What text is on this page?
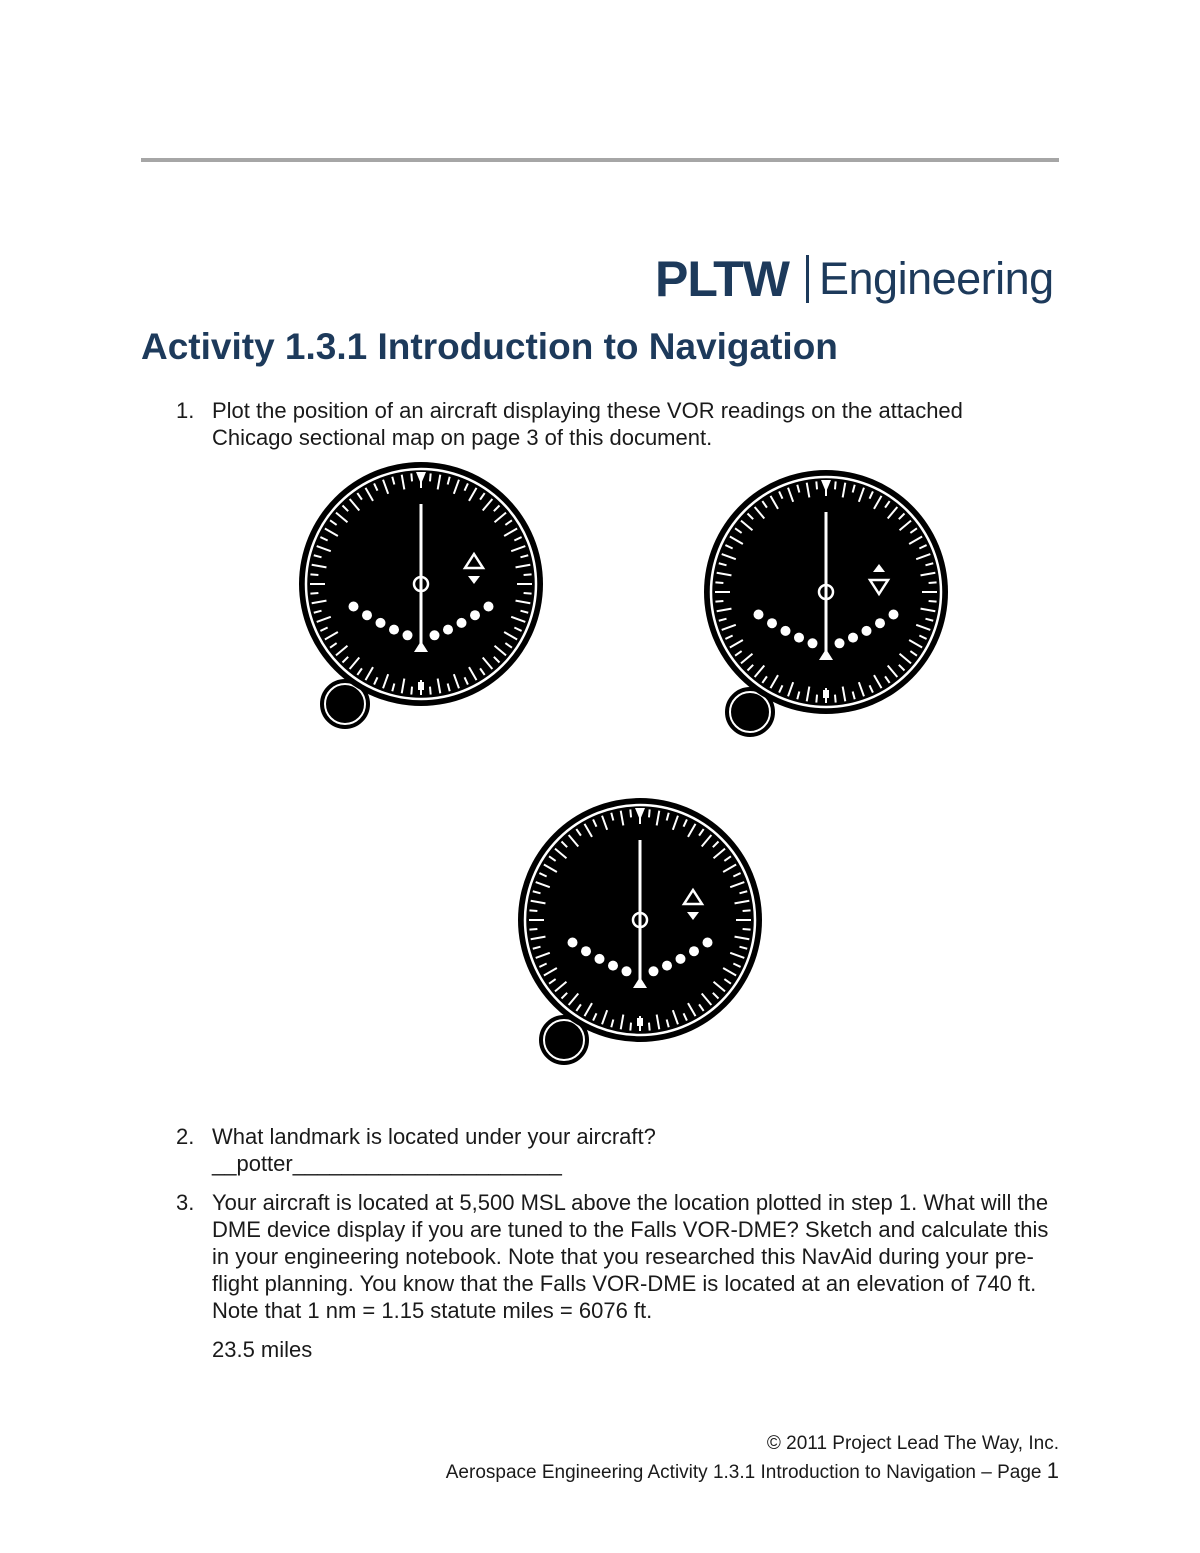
PLTW Engineering
Activity 1.3.1 Introduction to Navigation
1. Plot the position of an aircraft displaying these VOR readings on the attached Chicago sectional map on page 3 of this document.
2. What landmark is located under your aircraft?
__potter______________________
3. Your aircraft is located at 5,500 MSL above the location plotted in step 1. What will the DME device display if you are tuned to the Falls VOR-DME? Sketch and calculate this in your engineering notebook. Note that you researched this NavAid during your pre-flight planning. You know that the Falls VOR-DME is located at an elevation of 740 ft. Note that 1 nm = 1.15 statute miles = 6076 ft.
23.5 miles
© 2011 Project Lead The Way, Inc.
Aerospace Engineering Activity 1.3.1 Introduction to Navigation – Page 1
